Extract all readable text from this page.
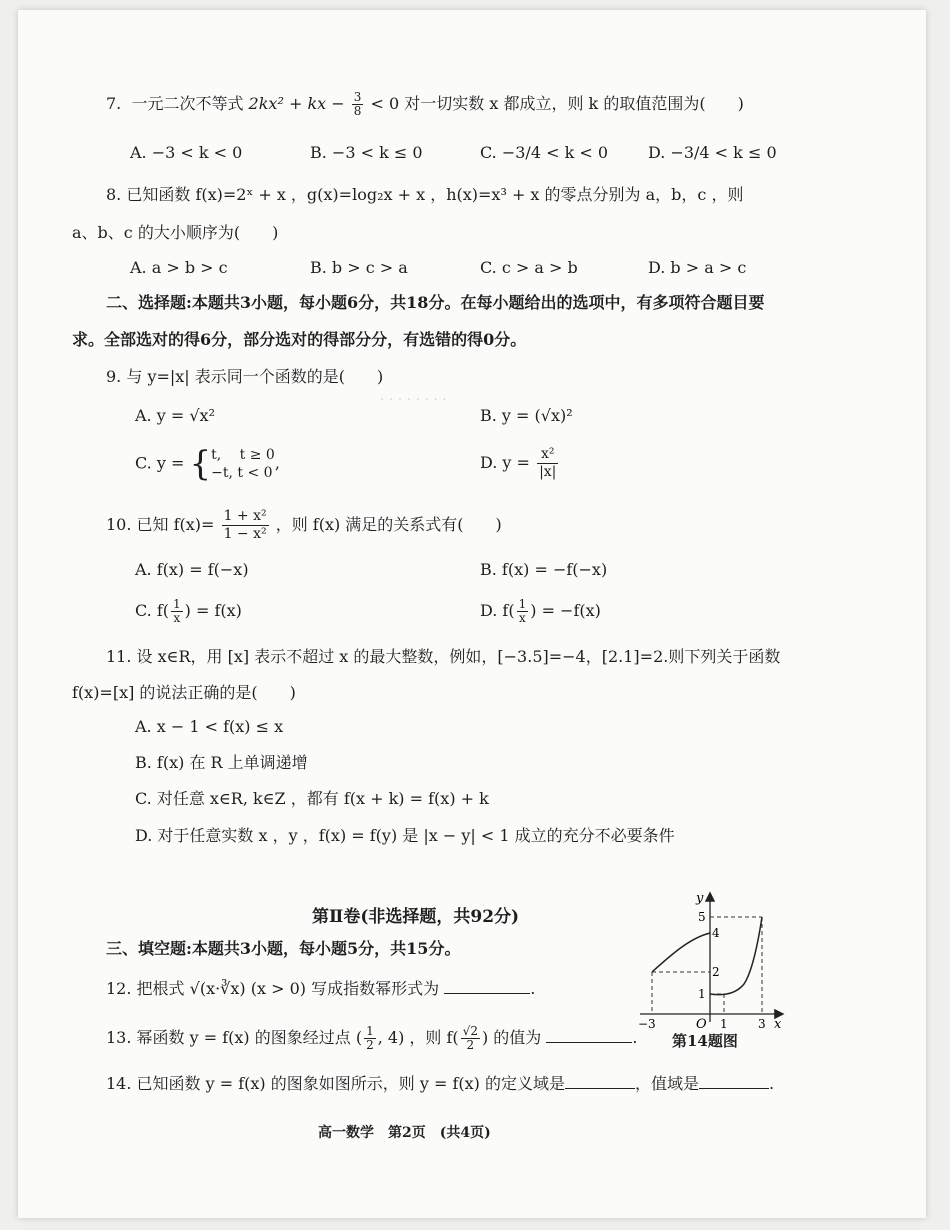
· · · · · · · ·
7. 一元二次不等式 2kx² + kx − $\frac{3}{8} < 0$ 对一切实数 x 都成立，则 k 的取值范围为(　　)
A. −3 < k < 0	B. −3 < k ≤ 0	C. −3/4 < k < 0 D. −3/4 < k ≤ 0
8. 已知函数 f(x)=2ˣ + x ，g(x)=log₂x + x ，h(x)=x³ + x 的零点分别为 a，b，c ，则
a、b、c 的大小顺序为(　　)
A. a > b > c	B. b > c > a	C. c > a > b	D. b > a > c
二、选择题:本题共3小题，每小题6分，共18分。在每小题给出的选项中，有多项符合题目要
求。全部选对的得6分，部分选对的得部分分，有选错的得0分。
9. 与 y=|x| 表示同一个函数的是(　　)
A. y = √x²	B. y = (√x)²
C. y = { t,　 t ≥ 0
−t, t < 0
,	D. $y = \frac{\text{x²}}{|x|}$
10. 已知 $f(x)= \frac{\text{1 + x²}}{\text{1 − x²}}$ ，则 f(x) 满足的关系式有(　　)
A. f(x) = f(−x)	B. f(x) = −f(−x)
C. $f( \frac{1}{x}$ ) = f(x)	D. $f( \frac{1}{x}$ ) = −f(x)
11. 设 x∈R，用 [x] 表示不超过 x 的最大整数，例如，[−3.5]=−4，[2.1]=2.则下列关于函数
f(x)=[x] 的说法正确的是(　　)
A. x − 1 < f(x) ≤ x
B. f(x) 在 R 上单调递增
C. 对任意 x∈R, k∈Z ，都有 f(x + k) = f(x) + k
D. 对于任意实数 x ，y ，f(x) = f(y) 是 |x − y| < 1 成立的充分不必要条件
第Ⅱ卷(非选择题，共92分)
三、填空题:本题共3小题，每小题5分，共15分。
12. 把根式 √(x·∛x) (x > 0) 写成指数幂形式为	.
13. 幂函数 y = f(x) 的图象经过点 ( $\frac{1}{2}$ , 4) ，则 $f( \frac{√2}{2}$ ) 的值为	.
14. 已知函数 y = f(x) 的图象如图所示，则 y = f(x) 的定义域是	，值域是	.
y
x
O
−3	1	3
1
2
4
5
第14题图
高一数学　第2页　(共4页)
